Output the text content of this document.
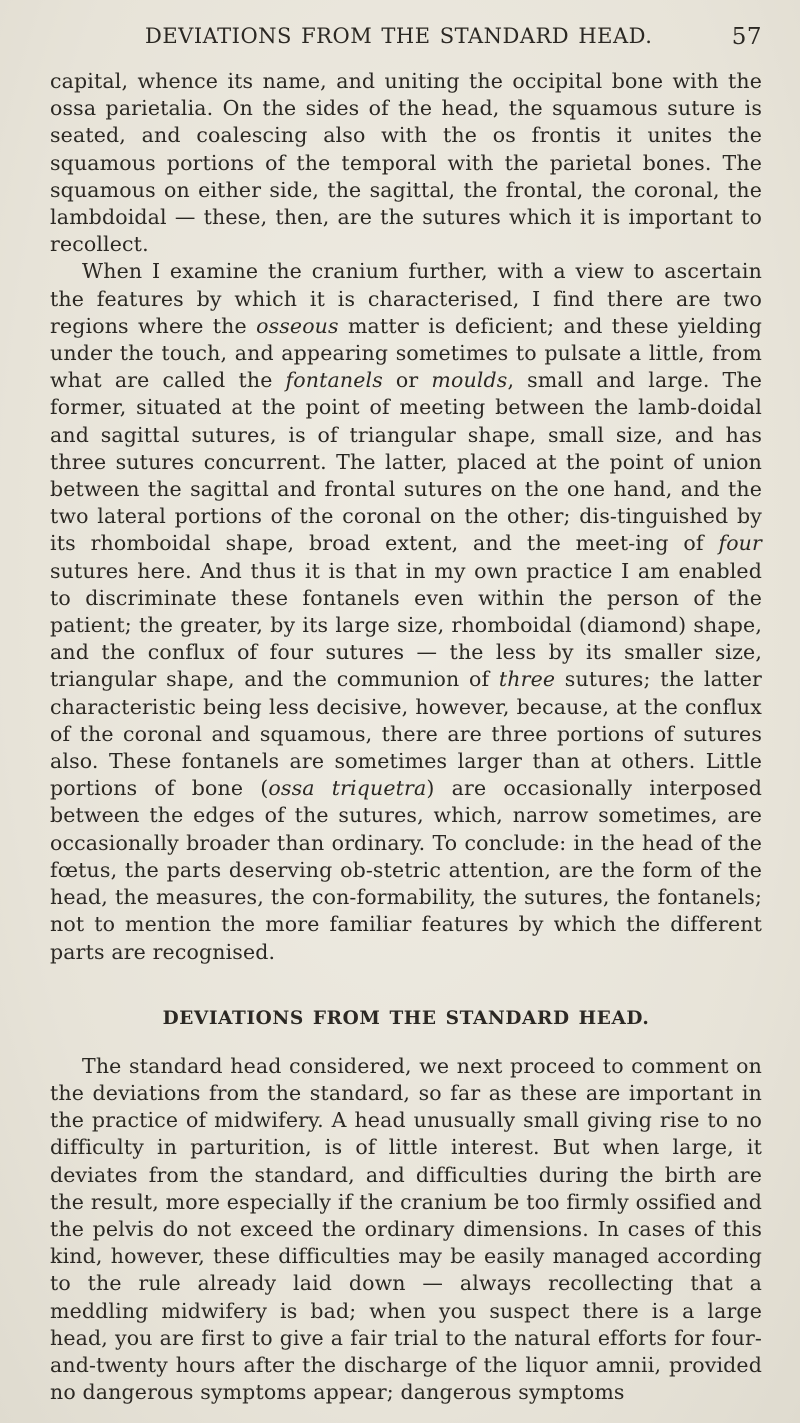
DEVIATIONS FROM THE STANDARD HEAD.	57

capital, whence its name, and uniting the occipital bone with the ossa parietalia. On the sides of the head, the squamous suture is seated, and coalescing also with the os frontis it unites the squamous portions of the temporal with the parietal bones. The squamous on either side, the sagittal, the frontal, the coronal, the lambdoidal — these, then, are the sutures which it is important to recollect.

When I examine the cranium further, with a view to ascertain the features by which it is characterised, I find there are two regions where the osseous matter is deficient; and these yielding under the touch, and appearing sometimes to pulsate a little, from what are called the fontanels or moulds, small and large. The former, situated at the point of meeting between the lamb-doidal and sagittal sutures, is of triangular shape, small size, and has three sutures concurrent. The latter, placed at the point of union between the sagittal and frontal sutures on the one hand, and the two lateral portions of the coronal on the other; dis-tinguished by its rhomboidal shape, broad extent, and the meet-ing of four sutures here. And thus it is that in my own practice I am enabled to discriminate these fontanels even within the person of the patient; the greater, by its large size, rhomboidal (diamond) shape, and the conflux of four sutures — the less by its smaller size, triangular shape, and the communion of three sutures; the latter characteristic being less decisive, however, because, at the conflux of the coronal and squamous, there are three portions of sutures also. These fontanels are sometimes larger than at others. Little portions of bone (ossa triquetra) are occasionally interposed between the edges of the sutures, which, narrow sometimes, are occasionally broader than ordinary. To conclude: in the head of the fœtus, the parts deserving ob-stetric attention, are the form of the head, the measures, the con-formability, the sutures, the fontanels; not to mention the more familiar features by which the different parts are recognised.

DEVIATIONS FROM THE STANDARD HEAD.

The standard head considered, we next proceed to comment on the deviations from the standard, so far as these are important in the practice of midwifery. A head unusually small giving rise to no difficulty in parturition, is of little interest. But when large, it deviates from the standard, and difficulties during the birth are the result, more especially if the cranium be too firmly ossified and the pelvis do not exceed the ordinary dimensions. In cases of this kind, however, these difficulties may be easily managed according to the rule already laid down — always recollecting that a meddling midwifery is bad; when you suspect there is a large head, you are first to give a fair trial to the natural efforts for four-and-twenty hours after the discharge of the liquor amnii, provided no dangerous symptoms appear; dangerous symptoms
